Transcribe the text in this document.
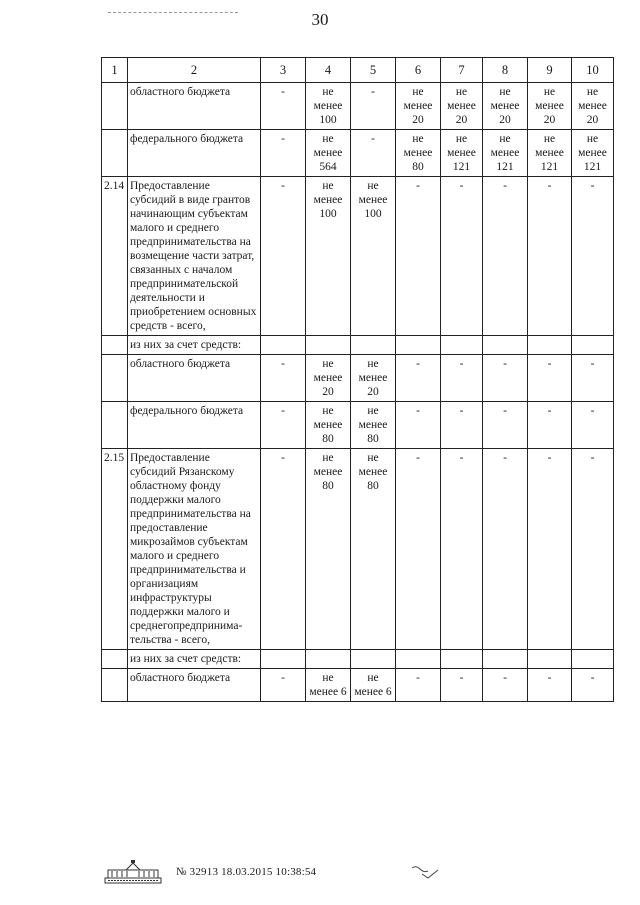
30
1	2	3	4	5	6	7	8	9	10
	областного бюджета	-	не менее 100	-	не менее 20	не менее 20	не менее 20	не менее 20	не менее 20
	федерального бюджета	-	не менее 564	-	не менее 80	не менее 121	не менее 121	не менее 121	не менее 121
2.14	Предоставление субсидий в виде грантов начинающим субъектам малого и среднего предпринимательства на возмещение части затрат, связанных с началом предпринимательской деятельности и приобретением основных средств - всего,	-	не менее 100	не менее 100	-	-	-	-	-
	из них за счет средств:								
	областного бюджета	-	не менее 20	не менее 20	-	-	-	-	-
	федерального бюджета	-	не менее 80	не менее 80	-	-	-	-	-
2.15	Предоставление субсидий Рязанскому областному фонду поддержки малого предпринимательства на предоставление микрозаймов субъектам малого и среднего предпринимательства и организациям инфраструктуры поддержки малого и среднегопредпринима-тельства - всего,	-	не менее 80	не менее 80	-	-	-	-	-
	из них за счет средств:								
	областного бюджета	-	не менее 6	не менее 6	-	-	-	-	-
№ 32913 18.03.2015 10:38:54
